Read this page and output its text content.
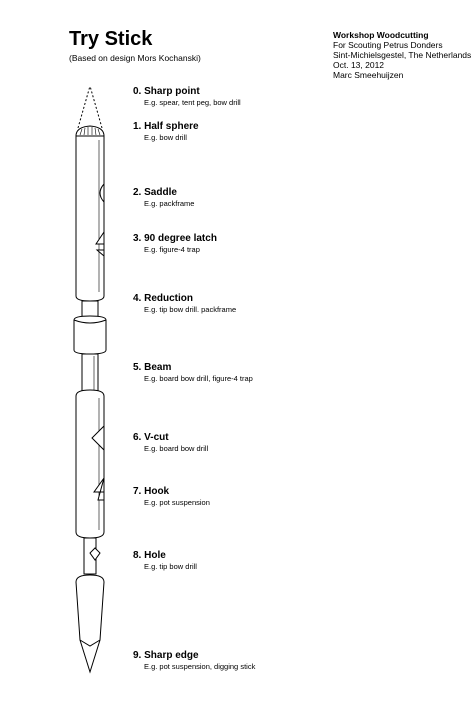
Try Stick
(Based on design Mors Kochanski)
Workshop Woodcutting
For Scouting Petrus Donders
Sint-Michielsgestel, The Netherlands
Oct. 13, 2012
Marc Smeehuijzen
0. Sharp point
E.g. spear, tent peg, bow drill
1. Half sphere
E.g. bow drill
2. Saddle
E.g. packframe
3. 90 degree latch
E.g. figure-4 trap
4. Reduction
E.g. tip bow drill. packframe
5. Beam
E.g. board bow drill, figure-4 trap
6. V-cut
E.g. board bow drill
7. Hook
E.g. pot suspension
8. Hole
E.g. tip bow drill
9. Sharp edge
E.g. pot suspension, digging stick
